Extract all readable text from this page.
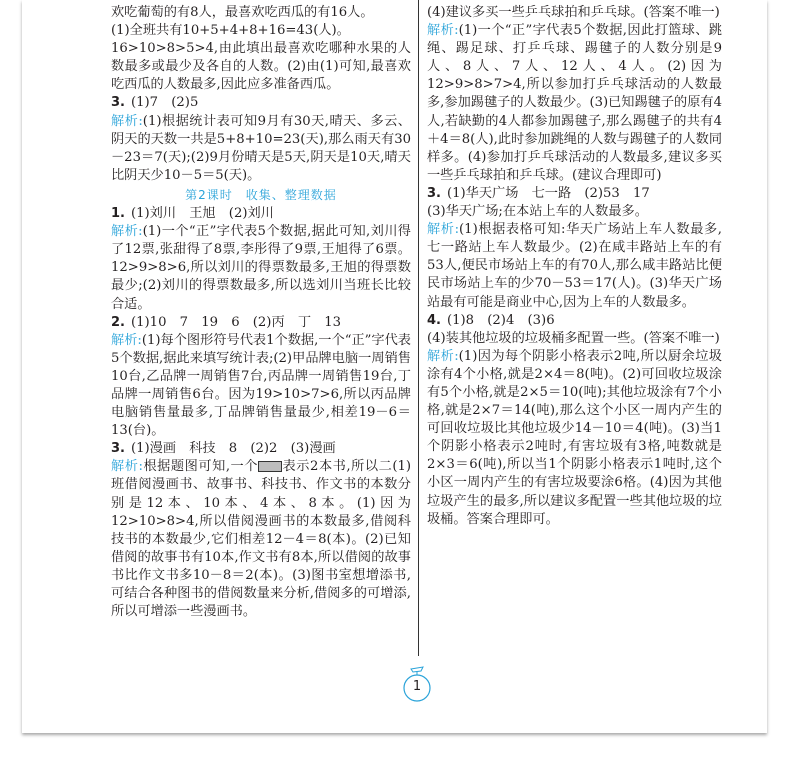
欢吃葡萄的有8人，最喜欢吃西瓜的有16人。
(1)全班共有10+5+4+8+16=43(人)。
16>10>8>5>4,由此填出最喜欢吃哪种水果的人数最多或最少及各自的人数。(2)由(1)可知,最喜欢吃西瓜的人数最多,因此应多准备西瓜。
3. (1)7　(2)5
解析:(1)根据统计表可知9月有30天,晴天、多云、阴天的天数一共是5+8+10=23(天),那么雨天有30－23＝7(天);(2)9月份晴天是5天,阴天是10天,晴天比阴天少10－5＝5(天)。
第2课时　收集、整理数据
1. (1)刘川　王旭　(2)刘川
解析:(1)一个“正”字代表5个数据,据此可知,刘川得了12票,张甜得了8票,李彤得了9票,王旭得了6票。12>9>8>6,所以刘川的得票数最多,王旭的得票数最少;(2)刘川的得票数最多,所以选刘川当班长比较合适。
2. (1)10　7　19　6　(2)丙　丁　13
解析:(1)每个图形符号代表1个数据,一个“正”字代表5个数据,据此来填写统计表;(2)甲品牌电脑一周销售10台,乙品牌一周销售7台,丙品牌一周销售19台,丁品牌一周销售6台。因为19>10>7>6,所以丙品牌电脑销售量最多,丁品牌销售量最少,相差19－6＝13(台)。
3. (1)漫画　科技　8　(2)2　(3)漫画
解析:根据题图可知,一个 表示2本书,所以二(1)班借阅漫画书、故事书、科技书、作文书的本数分别是12本、10本、4本、8本。(1)因为12>10>8>4,所以借阅漫画书的本数最多,借阅科技书的本数最少,它们相差12－4＝8(本)。(2)已知借阅的故事书有10本,作文书有8本,所以借阅的故事书比作文书多10－8＝2(本)。(3)图书室想增添书,可结合各种图书的借阅数量来分析,借阅多的可增添,所以可增添一些漫画书。
(4)建议多买一些乒乓球拍和乒乓球。(答案不唯一)
解析:(1)一个“正”字代表5个数据,因此打篮球、跳绳、踢足球、打乒乓球、踢毽子的人数分别是9人、8人、7人、12人、4人。(2)因为12>9>8>7>4,所以参加打乒乓球活动的人数最多,参加踢毽子的人数最少。(3)已知踢毽子的原有4人,若缺勤的4人都参加踢毽子,那么踢毽子的共有4＋4＝8(人),此时参加跳绳的人数与踢毽子的人数同样多。(4)参加打乒乓球活动的人数最多,建议多买一些乒乓球拍和乒乓球。(建议合理即可)
3. (1)华天广场　七一路　(2)53　17
(3)华天广场;在本站上车的人数最多。
解析:(1)根据表格可知:华天广场站上车人数最多,七一路站上车人数最少。(2)在咸丰路站上车的有53人,便民市场站上车的有70人,那么咸丰路站比便民市场站上车的少70－53＝17(人)。(3)华天广场站最有可能是商业中心,因为上车的人数最多。
4. (1)8　(2)4　(3)6
(4)装其他垃圾的垃圾桶多配置一些。(答案不唯一)
解析:(1)因为每个阴影小格表示2吨,所以厨余垃圾涂有4个小格,就是2×4＝8(吨)。(2)可回收垃圾涂有5个小格,就是2×5＝10(吨);其他垃圾涂有7个小格,就是2×7＝14(吨),那么这个小区一周内产生的可回收垃圾比其他垃圾少14－10＝4(吨)。(3)当1个阴影小格表示2吨时,有害垃圾有3格,吨数就是2×3＝6(吨),所以当1个阴影小格表示1吨时,这个小区一周内产生的有害垃圾要涂6格。(4)因为其他垃圾产生的最多,所以建议多配置一些其他垃圾的垃圾桶。答案合理即可。
1
